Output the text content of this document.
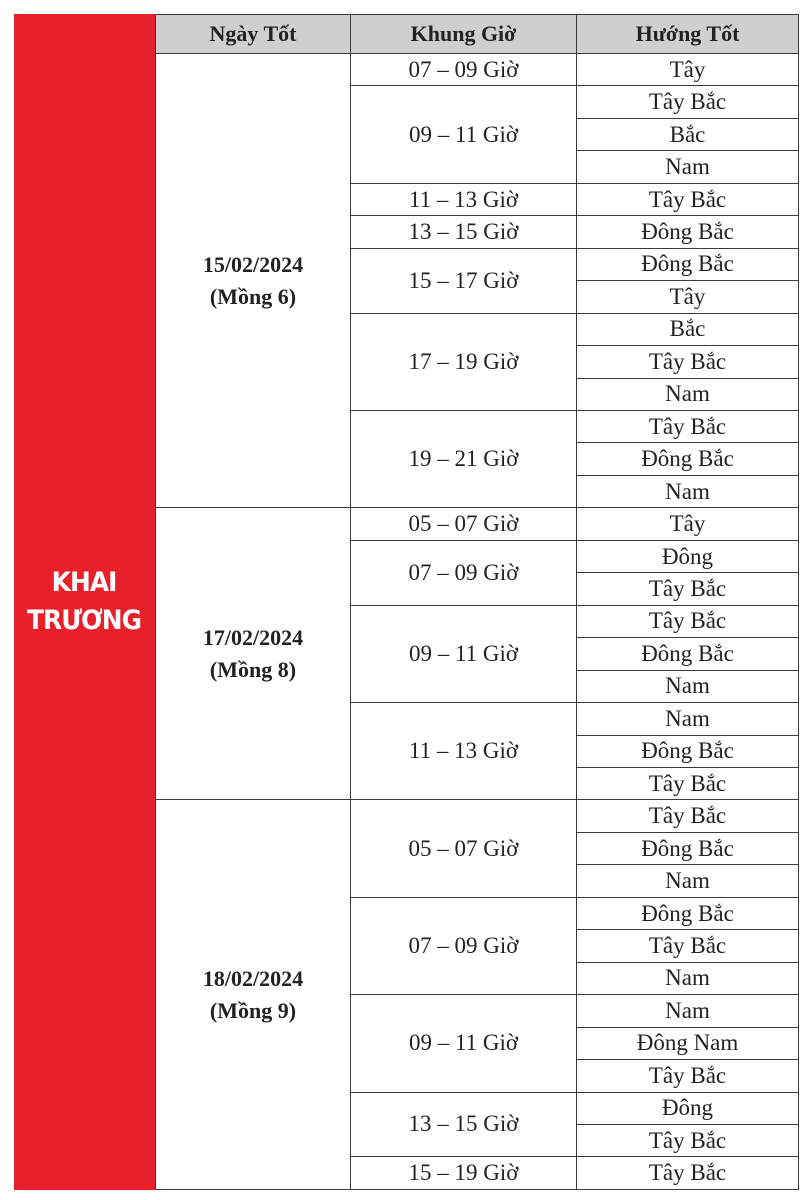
KHAI
TRƯƠNG
Ngày Tốt	Khung Giờ	Hướng Tốt

15/02/2024
(Mồng 6)	07 – 09 Giờ	Tây
	09 – 11 Giờ	Tây Bắc
		Bắc
		Nam
	11 – 13 Giờ	Tây Bắc
	13 – 15 Giờ	Đông Bắc
	15 – 17 Giờ	Đông Bắc
		Tây
	17 – 19 Giờ	Bắc
		Tây Bắc
		Nam
	19 – 21 Giờ	Tây Bắc
		Đông Bắc
		Nam

17/02/2024
(Mồng 8)	05 – 07 Giờ	Tây
	07 – 09 Giờ	Đông
		Tây Bắc
	09 – 11 Giờ	Tây Bắc
		Đông Bắc
		Nam
	11 – 13 Giờ	Nam
		Đông Bắc
		Tây Bắc

18/02/2024
(Mồng 9)	05 – 07 Giờ	Tây Bắc
		Đông Bắc
		Nam
	07 – 09 Giờ	Đông Bắc
		Tây Bắc
		Nam
	09 – 11 Giờ	Nam
		Đông Nam
		Tây Bắc
	13 – 15 Giờ	Đông
		Tây Bắc
	15 – 19 Giờ	Tây Bắc
